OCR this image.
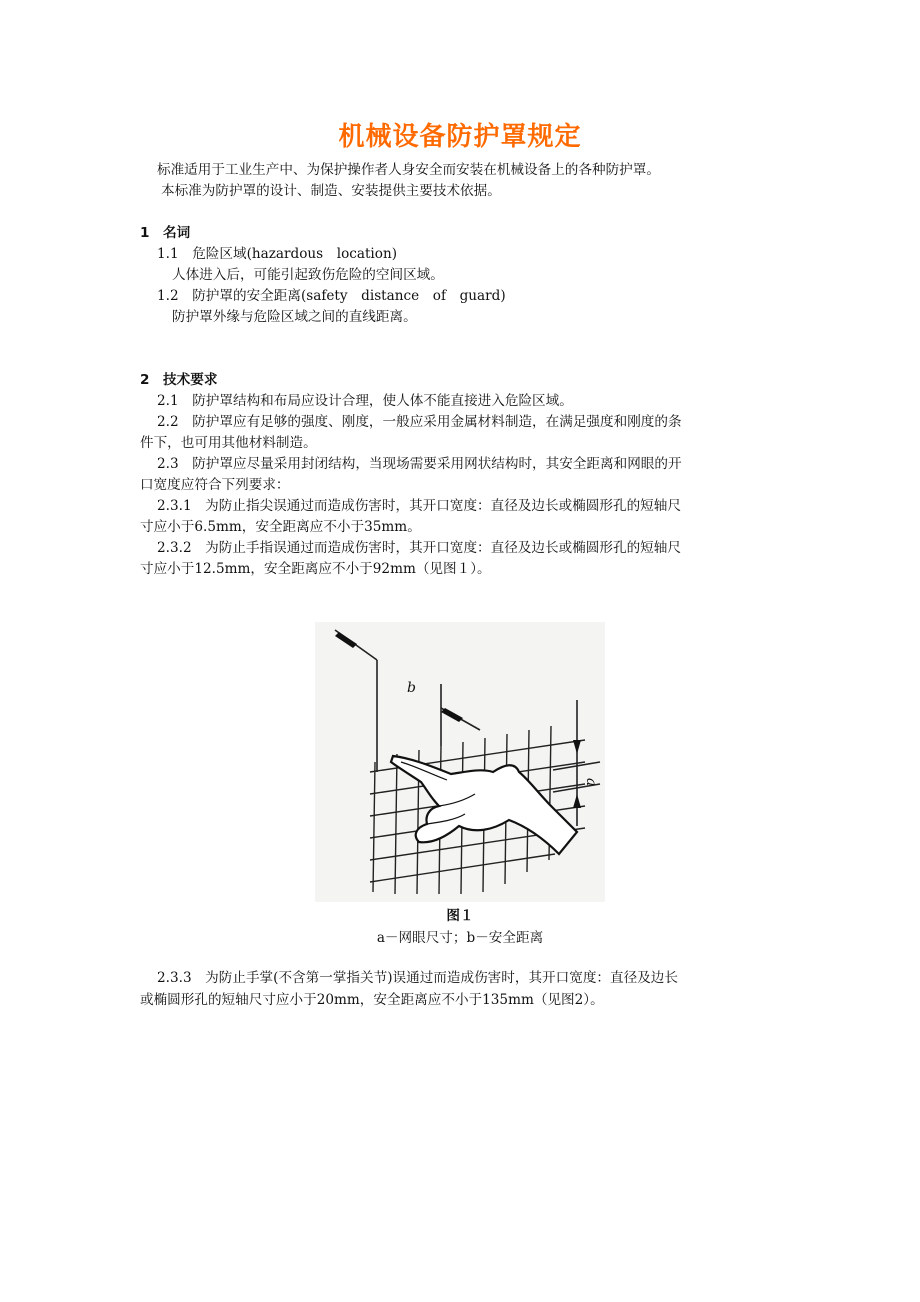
机械设备防护罩规定
标准适用于工业生产中、为保护操作者人身安全而安装在机械设备上的各种防护罩。
本标准为防护罩的设计、制造、安装提供主要技术依据。
1　名词
1.1　危险区域(hazardous　location)
人体进入后，可能引起致伤危险的空间区域。
1.2　防护罩的安全距离(safety　distance　of　guard)
防护罩外缘与危险区域之间的直线距离。
2　技术要求
2.1　防护罩结构和布局应设计合理，使人体不能直接进入危险区域。
2.2　防护罩应有足够的强度、刚度，一般应采用金属材料制造，在满足强度和刚度的条
件下，也可用其他材料制造。
2.3　防护罩应尽量采用封闭结构，当现场需要采用网状结构时，其安全距离和网眼的开
口宽度应符合下列要求：
2.3.1　为防止指尖误通过而造成伤害时，其开口宽度：直径及边长或椭圆形孔的短轴尺
寸应小于6.5mm，安全距离应不小于35mm。
2.3.2　为防止手指误通过而造成伤害时，其开口宽度：直径及边长或椭圆形孔的短轴尺
寸应小于12.5mm，安全距离应不小于92mm（见图１）。
b
a
图１
a－网眼尺寸；b－安全距离
2.3.3　为防止手掌(不含第一掌指关节)误通过而造成伤害时，其开口宽度：直径及边长
或椭圆形孔的短轴尺寸应小于20mm，安全距离应不小于135mm（见图2）。
